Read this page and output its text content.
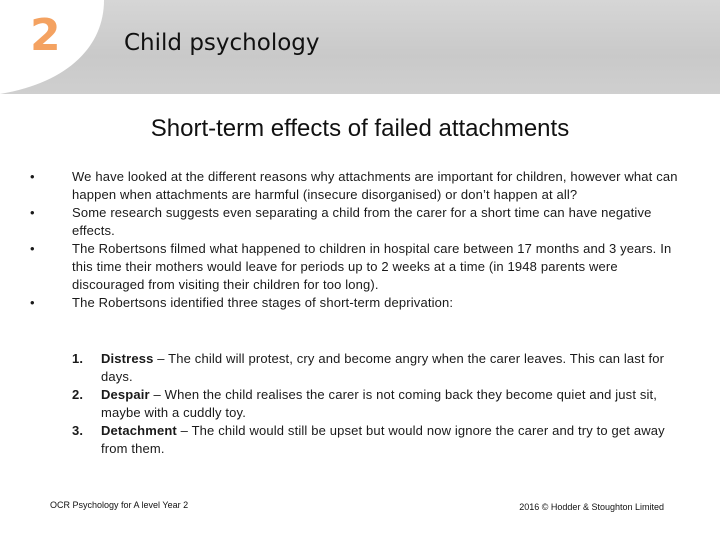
2	Child psychology
Short-term effects of failed attachments
•	We have looked at the different reasons why attachments are important for children, however what can happen when attachments are harmful (insecure disorganised) or don’t happen at all?
•	Some research suggests even separating a child from the carer for a short time can have negative effects.
•	The Robertsons filmed what happened to children in hospital care between 17 months and 3 years. In this time their mothers would leave for periods up to 2 weeks at a time (in 1948 parents were discouraged from visiting their children for too long).
•	The Robertsons identified three stages of short-term deprivation:
1. Distress – The child will protest, cry and become angry when the carer leaves. This can last for days.
2. Despair – When the child realises the carer is not coming back they become quiet and just sit, maybe with a cuddly toy.
3. Detachment – The child would still be upset but would now ignore the carer and try to get away from them.
OCR Psychology for A level Year 2	2016 © Hodder & Stoughton Limited
